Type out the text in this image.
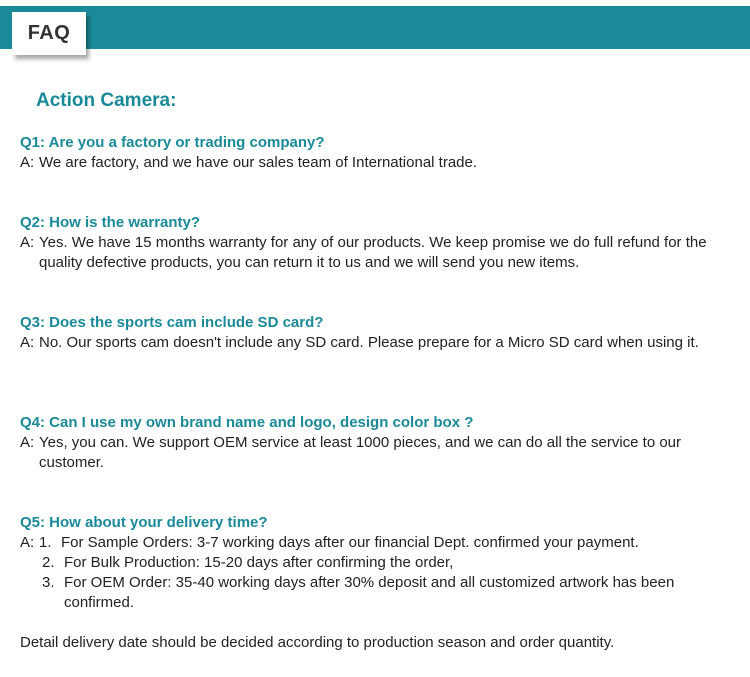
FAQ
Action Camera:
Q1: Are you a factory or trading company?
A: We are factory, and we have our sales team of International trade.
Q2: How is the warranty?
A: Yes. We have 15 months warranty for any of our products. We keep promise we do full refund for the quality defective products, you can return it to us and we will send you new items.
Q3: Does the sports cam include SD card?
A: No. Our sports cam doesn't include any SD card. Please prepare for a Micro SD card when using it.
Q4: Can I use my own brand name and logo, design color box ?
A: Yes, you can. We support OEM service at least 1000 pieces, and we can do all the service to our customer.
Q5: How about your delivery time?
A: 1. For Sample Orders: 3-7 working days after our financial Dept. confirmed your payment.
2. For Bulk Production: 15-20 days after confirming the order,
3. For OEM Order: 35-40 working days after 30% deposit and all customized artwork has been confirmed.
Detail delivery date should be decided according to production season and order quantity.
